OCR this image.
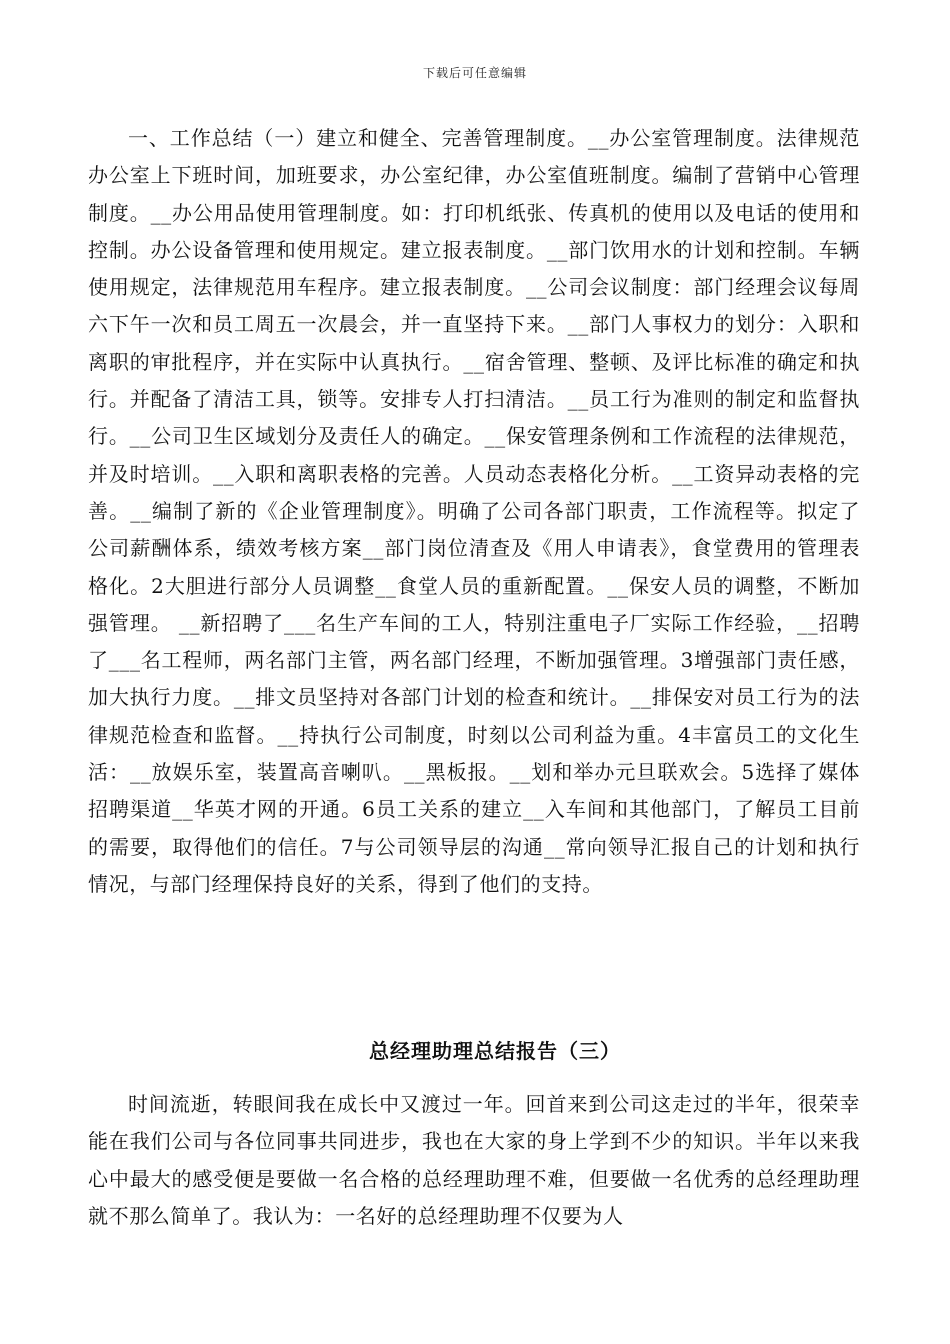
下载后可任意编辑

一、工作总结（一）建立和健全、完善管理制度。__办公室管理制度。法律规范办公室上下班时间，加班要求，办公室纪律，办公室值班制度。编制了营销中心管理制度。__办公用品使用管理制度。如：打印机纸张、传真机的使用以及电话的使用和控制。办公设备管理和使用规定。建立报表制度。__部门饮用水的计划和控制。车辆使用规定，法律规范用车程序。建立报表制度。__公司会议制度：部门经理会议每周六下午一次和员工周五一次晨会，并一直坚持下来。__部门人事权力的划分：入职和离职的审批程序，并在实际中认真执行。__宿舍管理、整顿、及评比标准的确定和执行。并配备了清洁工具，锁等。安排专人打扫清洁。__员工行为准则的制定和监督执行。__公司卫生区域划分及责任人的确定。__保安管理条例和工作流程的法律规范，并及时培训。__入职和离职表格的完善。人员动态表格化分析。__工资异动表格的完善。__编制了新的《企业管理制度》。明确了公司各部门职责，工作流程等。拟定了公司薪酬体系，绩效考核方案__部门岗位清查及《用人申请表》，食堂费用的管理表格化。2大胆进行部分人员调整__食堂人员的重新配置。__保安人员的调整，不断加强管理。 __新招聘了___名生产车间的工人，特别注重电子厂实际工作经验，__招聘了___名工程师，两名部门主管，两名部门经理，不断加强管理。3增强部门责任感，加大执行力度。__排文员坚持对各部门计划的检查和统计。__排保安对员工行为的法律规范检查和监督。__持执行公司制度，时刻以公司利益为重。4丰富员工的文化生活：__放娱乐室，装置高音喇叭。__黑板报。__划和举办元旦联欢会。5选择了媒体招聘渠道__华英才网的开通。6员工关系的建立__入车间和其他部门，了解员工目前的需要，取得他们的信任。7与公司领导层的沟通__常向领导汇报自己的计划和执行情况，与部门经理保持良好的关系，得到了他们的支持。

总经理助理总结报告（三）

时间流逝，转眼间我在成长中又渡过一年。回首来到公司这走过的半年，很荣幸能在我们公司与各位同事共同进步，我也在大家的身上学到不少的知识。半年以来我心中最大的感受便是要做一名合格的总经理助理不难，但要做一名优秀的总经理助理就不那么简单了。我认为：一名好的总经理助理不仅要为人
